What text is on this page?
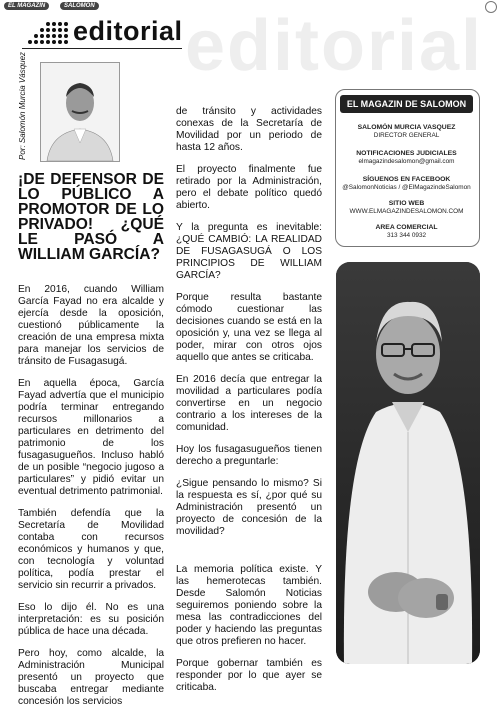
EL MAGAZIN	SALOMON editorial
editorial
Por: Salomón Murcia Vásquez
¡DE DEFENSOR DE LO PÚBLICO A PROMOTOR DE LO PRIVADO! ¿QUÉ LE PASÓ A WILLIAM GARCÍA?

En 2016, cuando William García Fayad no era alcalde y ejercía desde la oposición, cuestionó públicamente la creación de una empresa mixta para manejar los servicios de tránsito de Fusagasugá.

En aquella época, García Fayad advertía que el municipio podría terminar entregando recursos millonarios a particulares en detrimento del patrimonio de los fusagasugueños. Incluso habló de un posible “negocio jugoso a particulares” y pidió evitar un eventual detrimento patrimonial.

También defendía que la Secretaría de Movilidad contaba con recursos económicos y humanos y que, con tecnología y voluntad política, podía prestar el servicio sin recurrir a privados.

Eso lo dijo él. No es una interpretación: es su posición pública de hace una década.

Pero hoy, como alcalde, la Administración Municipal presentó un proyecto que buscaba entregar mediante concesión los servicios

de tránsito y actividades conexas de la Secretaría de Movilidad por un periodo de hasta 12 años.

El proyecto finalmente fue retirado por la Administración, pero el debate político quedó abierto.

Y la pregunta es inevitable: ¿QUÉ CAMBIÓ: LA REALIDAD DE FUSAGASUGÁ O LOS PRINCIPIOS DE WILLIAM GARCÍA?

Porque resulta bastante cómodo cuestionar las decisiones cuando se está en la oposición y, una vez se llega al poder, mirar con otros ojos aquello que antes se criticaba.

En 2016 decía que entregar la movilidad a particulares podía convertirse en un negocio contrario a los intereses de la comunidad.

Hoy los fusagasugueños tienen derecho a preguntarle:

¿Sigue pensando lo mismo? Si la respuesta es sí, ¿por qué su Administración presentó un proyecto de concesión de la movilidad?

La memoria política existe. Y las hemerotecas también. Desde Salomón Noticias seguiremos poniendo sobre la mesa las contradicciones del poder y haciendo las preguntas que otros prefieren no hacer.

Porque gobernar también es responder por lo que ayer se criticaba.

EL MAGAZIN DE SALOMON
SALOMÓN MURCIA VASQUEZ
DIRECTOR GENERAL
NOTIFICACIONES JUDICIALES
elmagazindesalomon@gmail.com
SÍGUENOS EN FACEBOOK
@SalomonNoticias / @ElMagazindeSalomon
SITIO WEB
WWW.ELMAGAZINDESALOMON.COM
AREA COMERCIAL
313 344 0932
